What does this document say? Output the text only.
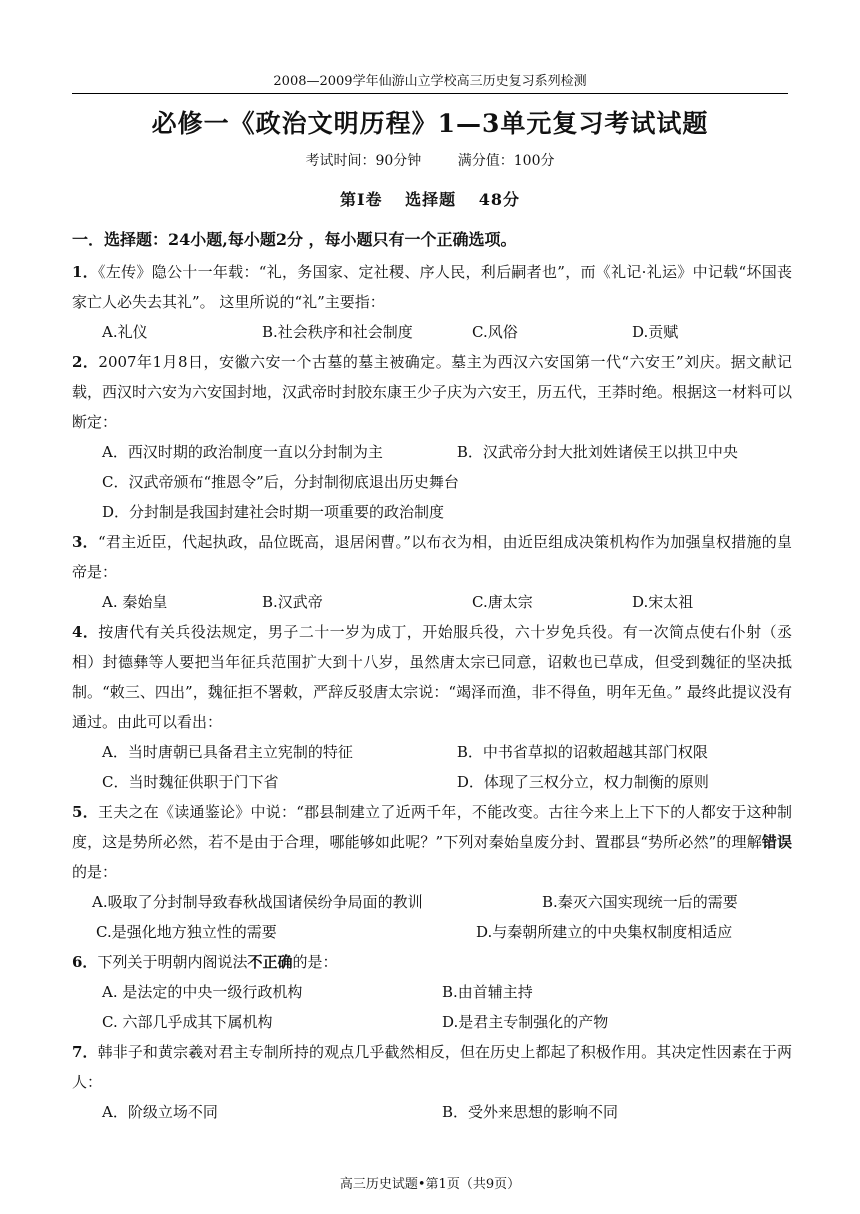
2008—2009学年仙游山立学校高三历史复习系列检测
必修一《政治文明历程》1—3单元复习考试试题
考试时间：90分钟	满分值：100分
第Ⅰ卷 选择题 48分
一．选择题：24小题,每小题2分 ，每小题只有一个正确选项。
1．《左传》隐公十一年载：“礼，务国家、定社稷、序人民，利后嗣者也”，而《礼记·礼运》中记载“坏国丧家亡人必失去其礼”。 这里所说的“礼”主要指：
A.礼仪	B.社会秩序和社会制度	C.风俗	D.贡赋
2．2007年1月8日，安徽六安一个古墓的墓主被确定。墓主为西汉六安国第一代“六安王”刘庆。据文献记载，西汉时六安为六安国封地，汉武帝时封胶东康王少子庆为六安王，历五代，王莽时绝。根据这一材料可以断定：
A．西汉时期的政治制度一直以分封制为主	B．汉武帝分封大批刘姓诸侯王以拱卫中央
C．汉武帝颁布“推恩令”后，分封制彻底退出历史舞台
D．分封制是我国封建社会时期一项重要的政治制度
3．“君主近臣，代起执政，品位既高，退居闲曹。”以布衣为相，由近臣组成决策机构作为加强皇权措施的皇帝是：
A. 秦始皇	B.汉武帝	C.唐太宗	D.宋太祖
4．按唐代有关兵役法规定，男子二十一岁为成丁，开始服兵役，六十岁免兵役。有一次简点使右仆射（丞相）封德彝等人要把当年征兵范围扩大到十八岁，虽然唐太宗已同意，诏敕也已草成，但受到魏征的坚决抵制。“敕三、四出”，魏征拒不署敕，严辞反驳唐太宗说：“竭泽而渔，非不得鱼，明年无鱼。” 最终此提议没有通过。由此可以看出：
A．当时唐朝已具备君主立宪制的特征	B．中书省草拟的诏敕超越其部门权限
C．当时魏征供职于门下省	D．体现了三权分立，权力制衡的原则
5．王夫之在《读通鉴论》中说：“郡县制建立了近两千年，不能改变。古往今来上上下下的人都安于这种制度，这是势所必然，若不是由于合理，哪能够如此呢？”下列对秦始皇废分封、置郡县“势所必然”的理解错误的是：
A.吸取了分封制导致春秋战国诸侯纷争局面的教训	B.秦灭六国实现统一后的需要
C.是强化地方独立性的需要	D.与秦朝所建立的中央集权制度相适应
6．下列关于明朝内阁说法不正确的是：
A. 是法定的中央一级行政机构	B.由首辅主持
C. 六部几乎成其下属机构	D.是君主专制强化的产物
7．韩非子和黄宗羲对君主专制所持的观点几乎截然相反，但在历史上都起了积极作用。其决定性因素在于两人：
A．阶级立场不同	B．受外来思想的影响不同
高三历史试题•第1页（共9页）
